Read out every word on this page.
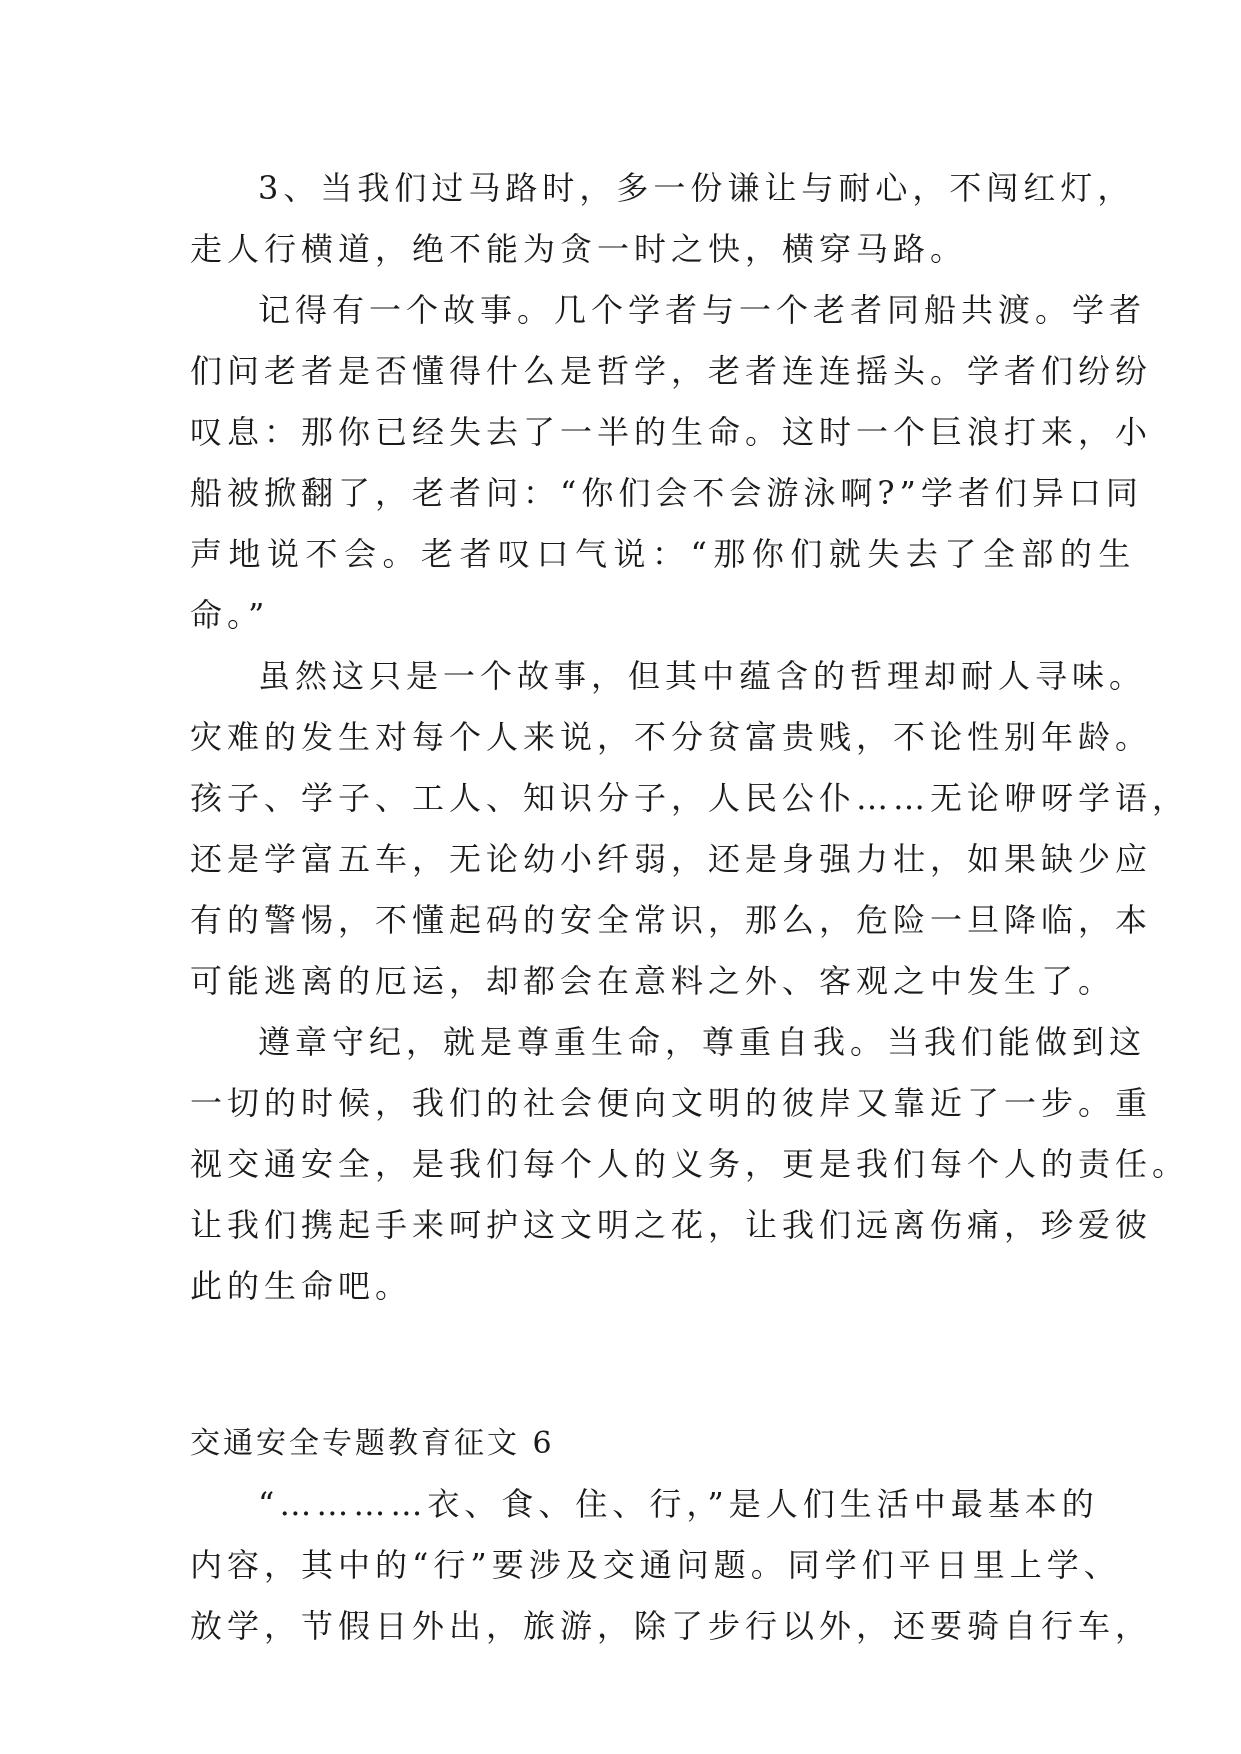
3、当我们过马路时，多一份谦让与耐心，不闯红灯，
走人行横道，绝不能为贪一时之快，横穿马路。
记得有一个故事。几个学者与一个老者同船共渡。学者
们问老者是否懂得什么是哲学，老者连连摇头。学者们纷纷
叹息：那你已经失去了一半的生命。这时一个巨浪打来，小
船被掀翻了，老者问：“你们会不会游泳啊?”学者们异口同
声地说不会。老者叹口气说：“那你们就失去了全部的生
命。”
虽然这只是一个故事，但其中蕴含的哲理却耐人寻味。
灾难的发生对每个人来说，不分贫富贵贱，不论性别年龄。
孩子、学子、工人、知识分子，人民公仆……无论咿呀学语，
还是学富五车，无论幼小纤弱，还是身强力壮，如果缺少应
有的警惕，不懂起码的安全常识，那么，危险一旦降临，本
可能逃离的厄运，却都会在意料之外、客观之中发生了。
遵章守纪，就是尊重生命，尊重自我。当我们能做到这
一切的时候，我们的社会便向文明的彼岸又靠近了一步。重
视交通安全，是我们每个人的义务，更是我们每个人的责任。
让我们携起手来呵护这文明之花，让我们远离伤痛，珍爱彼
此的生命吧。
交通安全专题教育征文 6
“…………衣、食、住、行，”是人们生活中最基本的
内容，其中的“行”要涉及交通问题。同学们平日里上学、
放学，节假日外出，旅游，除了步行以外，还要骑自行车，
